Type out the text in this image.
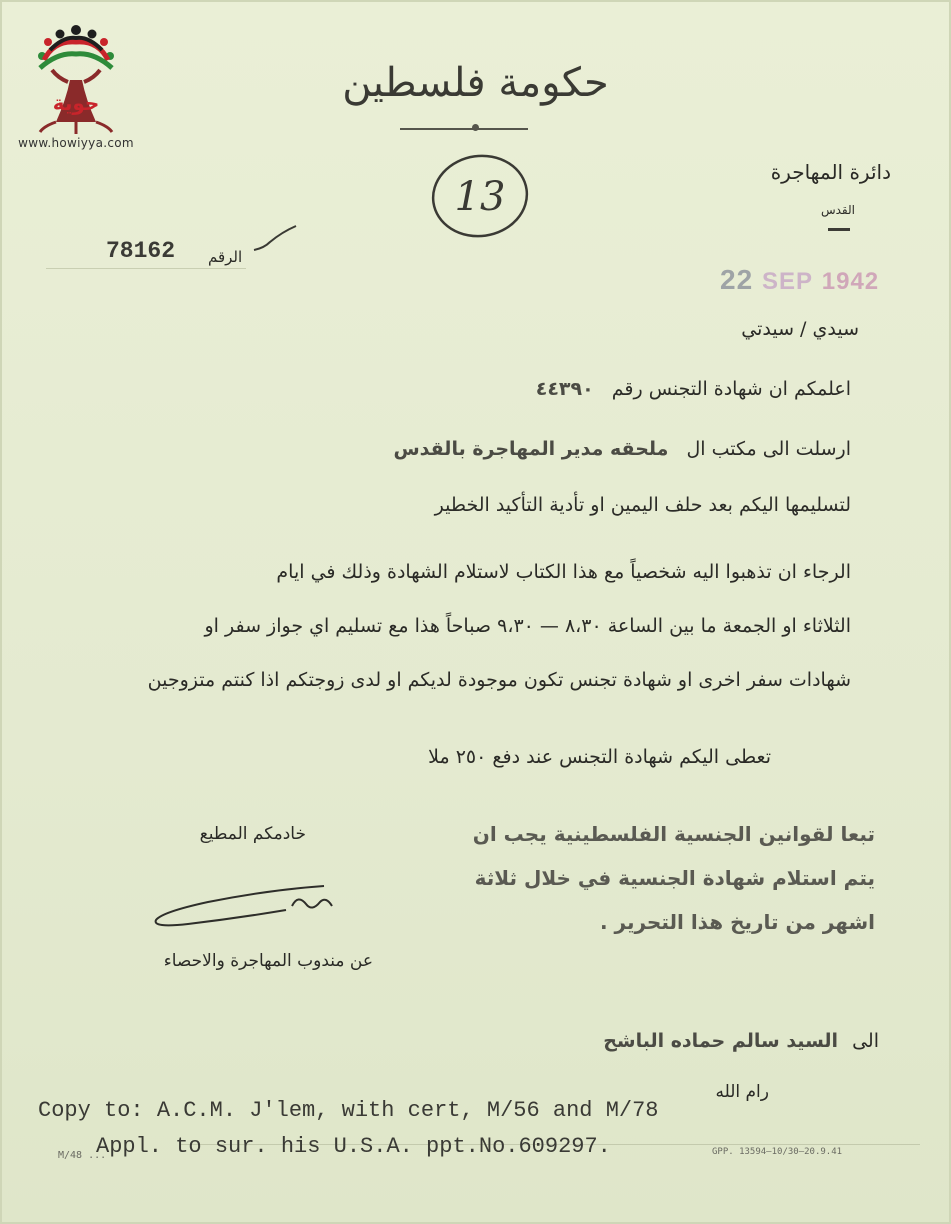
حوية
www.howiyya.com
حكومة فلسطين
13
دائرة المهاجرة
القدس
78162 الرقم
22 SEP 1942
سيدي / سيدتي
اعلمكم ان شهادة التجنس رقم ٤٤٣٩٠
ارسلت الى مكتب ال ملحقه مدير المهاجرة بالقدس
لتسليمها اليكم بعد حلف اليمين او تأدية التأكيد الخطير
الرجاء ان تذهبوا اليه شخصياً مع هذا الكتاب لاستلام الشهادة وذلك في ايام
الثلاثاء او الجمعة ما بين الساعة ٨،٣٠ — ٩،٣٠ صباحاً هذا مع تسليم اي جواز سفر او
شهادات سفر اخرى او شهادة تجنس تكون موجودة لديكم او لدى زوجتكم اذا كنتم متزوجين
تعطى اليكم شهادة التجنس عند دفع ٢٥٠ ملا
خادمكم المطيع
عن مندوب المهاجرة والاحصاء
تبعا لقوانين الجنسية الفلسطينية يجب ان
يتم استلام شهادة الجنسية في خلال ثلاثة
اشهر من تاريخ هذا التحرير .
الى السيد سالم حماده الباشح
رام الله
Copy to: A.C.M. J'lem, with cert, M/56 and M/78
M/48 ...
Appl. to sur. his U.S.A. ppt.No.609297.	GPP. 13594—10/30—20.9.41
